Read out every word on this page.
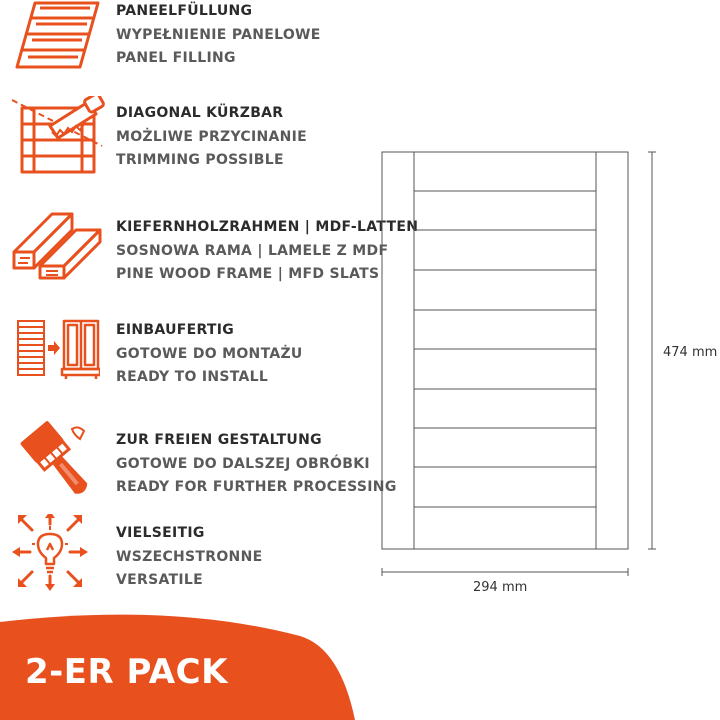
PANEELFÜLLUNG
WYPEŁNIENIE PANELOWE
PANEL FILLING
DIAGONAL KÜRZBAR
MOŻLIWE PRZYCINANIE
TRIMMING POSSIBLE
KIEFERNHOLZRAHMEN | MDF-LATTEN
SOSNOWA RAMA | LAMELE Z MDF
PINE WOOD FRAME | MFD SLATS
EINBAUFERTIG
GOTOWE DO MONTAŻU
READY TO INSTALL
ZUR FREIEN GESTALTUNG
GOTOWE DO DALSZEJ OBRÓBKI
READY FOR FURTHER PROCESSING
VIELSEITIG
WSZECHSTRONNE
VERSATILE
474 mm
294 mm
2-ER PACK
